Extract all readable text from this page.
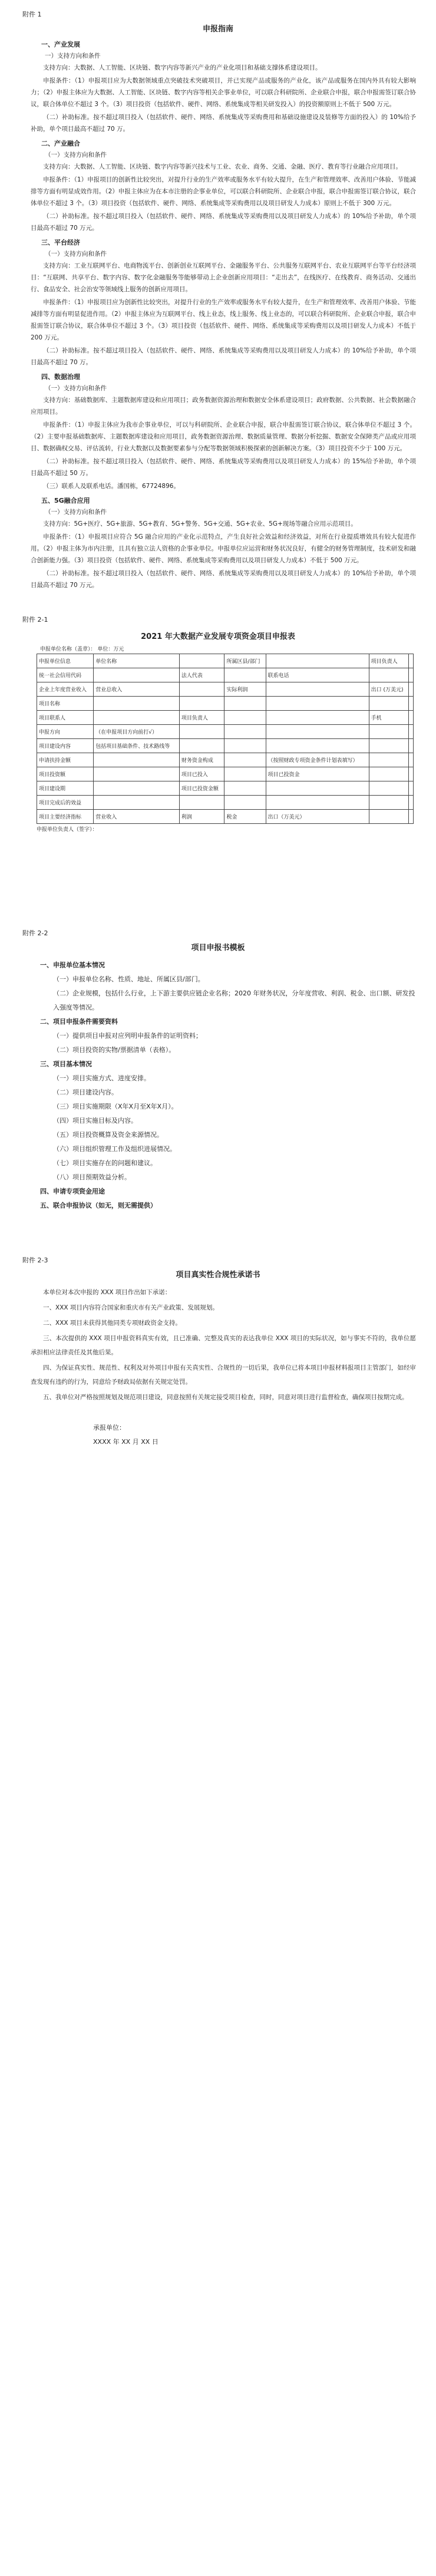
附件 1
申报指南
一、产业发展
一）支持方向和条件
支持方向：大数据、人工智能、区块链、数字内容等新兴产业的产业化项目和基础支撑体系建设项目。
申报条件：（1）申报项目应为大数据领域重点突破技术突破项目，并已实现产品或服务的产业化，该产品或服务在国内外具有较大影响力；（2）申报主体应为大数据、人工智能、区块链、数字内容等相关企事业单位，可以联合科研院所、企业联合申报，联合申报需签订联合协议，联合体单位不超过 3 个。（3）项目投资（包括软件、硬件、网络、系统集成等相关研发投入）的投资额原则上不低于 500 万元。
（二）补助标准。按不超过项目投入（包括软件、硬件、网络、系统集成等采购费用和基础设施建设及装修等方面的投入）的 10%给予补助，单个项目最高不超过 70 万。
二、产业融合
（一）支持方向和条件
支持方向：大数据、人工智能、区块链、数字内容等新兴技术与工业、农业、商务、交通、金融、医疗、教育等行业融合应用项目。
申报条件：（1）申报项目的创新性比较突出，对提升行业的生产效率或服务水平有较大提升，在生产和管理效率、改善用户体验、节能减排等方面有明显成效作用。（2）申报主体应为在本市注册的企事业单位，可以联合科研院所、企业联合申报，联合申报需签订联合协议，联合体单位不超过 3 个。（3）项目投资（包括软件、硬件、网络、系统集成等采购费用以及项目研发人力成本）原则上不低于 300 万元。
（二）补助标准。按不超过项目投入（包括软件、硬件、网络、系统集成等采购费用以及项目研发人力成本）的 10%给予补助，单个项目最高不超过 70 万元。
三、平台经济
（一）支持方向和条件
支持方向：工业互联网平台、电商物流平台、创新创业互联网平台、金融服务平台、公共服务互联网平台、农业互联网平台等平台经济项目：“互联网、共享平台、数字内容、数字化金融服务等能够带动上企业创新应用项目：“走出去”，在线医疗、在线教育、商务活动、交通出行、食品安全、社会治安等领域线上服务的创新应用项目。
申报条件：（1）申报项目应为创新性比较突出，对提升行业的生产效率或服务水平有较大提升，在生产和管理效率、改善用户体验、节能减排等方面有明显促进作用。（2）申报主体应为互联网平台、线上业态，线上服务、线上业态的，可以联合科研院所、企业联合申报，联合申报需签订联合协议，联合体单位不超过 3 个。（3）项目投资（包括软件、硬件、网络、系统集成等采购费用以及项目研发人力成本）不低于 200 万元。
（二）补助标准。按不超过项目投入（包括软件、硬件、网络、系统集成等采购费用以及项目研发人力成本）的 10%给予补助，单个项目最高不超过 70 万。
四、数据治理
（一）支持方向和条件
支持方向：基础数据库、主题数据库建设和应用项目；政务数据资源治理和数据安全体系建设项目；政府数据、公共数据、社会数据融合应用项目。
申报条件：（1）申报主体应为我市企事业单位，可以与科研院所、企业联合申报，联合申报需签订联合协议，联合体单位不超过 3 个。（2）主要申报基础数据库、主题数据库建设和应用项目，政务数据资源治理、数据质量管理、数据分析挖掘、数据安全保障类产品或应用项目、数据确权交易、评估流转，行业大数据以及数据要素参与分配等数据领域积极探索的创新解决方案。（3）项目投资不少于 100 万元。
（二）补助标准。按不超过项目投入（包括软件、硬件、网络、系统集成等采购费用以及项目研发人力成本）的 15%给予补助，单个项目最高不超过 50 万。
（三）联系人及联系电话。潘国栋，67724896。
五、5G融合应用
（一）支持方向和条件
支持方向：5G+医疗、5G+旅游、5G+教育、5G+警务、5G+交通、5G+农业、5G+现场等融合应用示范项目。
申报条件：（1）申报项目应符合 5G 融合应用的产业化示范特点，产生良好社会效益和经济效益，对所在行业提质增效具有较大促进作用。（2）申报主体为市内注册，且具有独立法人资格的企事业单位。申报单位应运营和财务状况良好，有健全的财务管理制度，技术研发和融合创新能力强。（3）项目投资（包括软件、硬件、网络、系统集成等采购费用以及项目研发人力成本）不低于 500 万元。
（二）补助标准。按不超过项目投入（包括软件、硬件、网络、系统集成等采购费用以及项目研发人力成本）的 10%给予补助，单个项目最高不超过 70 万元。
附件 2-1
2021 年大数据产业发展专项资金项目申报表
申报单位名称（盖章）： 单位：万元
申报单位信息	单位名称		所属区县/部门		项目负责人	
统一社会信用代码		法人代表		联系电话		
企业上年度营业收入	营业总收入		实际利润		出口 (万美元)	
项目名称						
项目联系人		项目负责人			手机	
申报方向	（在申报项目方向前打√）					
项目建设内容	包括项目基础条件、技术路线等					
申请扶持金额		财务资金构成		（按照财政专项资金条件计划表填写）		
项目投资额		项目已投入		项目已投资金		
项目建设期		项目已投资金额				
项目完成后的效益						
项目主要经济指标	营业收入	利润	税金	出口（万美元）		
申报单位负责人（签字）：
附件 2-2
项目申报书模板
一、申报单位基本情况
（一）申报单位名称、性质、地址、所属区县/部门。
（二）企业规模，包括什么行业，上下游主要供应链企业名称；2020 年财务状况，分年度营收、利润、税金、出口额、研发投入强度等情况。
二、项目申报条件需要资料
（一）提供项目申报对应列明申报条件的证明资料；
（二）项目投资的实物/票据清单（表格）。
三、项目基本情况
（一）项目实施方式、进度安排。
（二）项目建设内容。
（三）项目实施期限（X年X月至X年X月）。
（四）项目实施目标及内容。
（五）项目投资概算及资金来源情况。
（六）项目组织管理工作及组织进展情况。
（七）项目实施存在的问题和建议。
（八）项目预期效益分析。
四、申请专项资金用途
五、联合申报协议（如无，则无需提供）
附件 2-3
项目真实性合规性承诺书
本单位对本次申报的 XXX 项目作出如下承诺：
一、XXX 项目内容符合国家和重庆市有关产业政策、发展规划。
二、XXX 项目未获得其他同类专项财政资金支持。
三、本次提供的 XXX 项目申报资料真实有效，且已准确、完整及真实的表达我单位 XXX 项目的实际状况，如与事实不符的，我单位愿承担相应法律责任及其他后果。
四、为保证真实性、规范性、权利及对外项目申报有关真实性、合规性的一切后果，我单位已将本项目申报材料报项目主管部门，如经审查发现有违约的行为，同意给予财政局依据有关规定处罚。
五、我单位对严格按照规划及规范项目建设，同意按照有关规定接受项目检查，同时，同意对项目进行监督检查，确保项目按期完成。
承报单位：
XXXX 年 XX 月 XX 日
